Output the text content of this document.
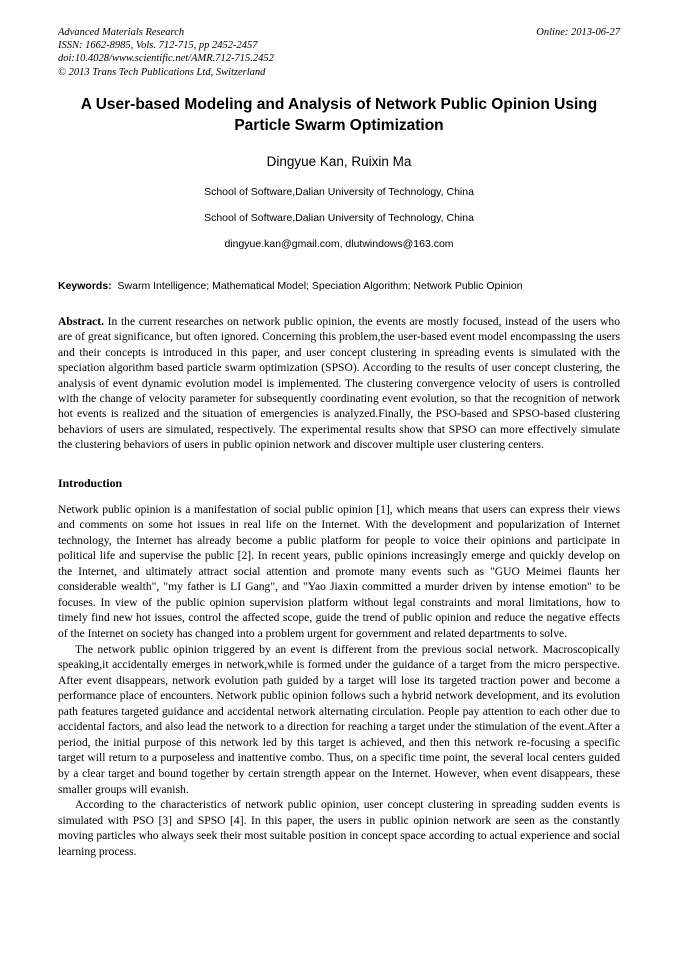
Advanced Materials Research
ISSN: 1662-8985, Vols. 712-715, pp 2452-2457
doi:10.4028/www.scientific.net/AMR.712-715.2452
© 2013 Trans Tech Publications Ltd, Switzerland
Online: 2013-06-27
A User-based Modeling and Analysis of Network Public Opinion Using
Particle Swarm Optimization
Dingyue Kan, Ruixin Ma
School of Software,Dalian University of Technology, China
School of Software,Dalian University of Technology, China
dingyue.kan@gmail.com, dlutwindows@163.com
Keywords: Swarm Intelligence; Mathematical Model; Speciation Algorithm; Network Public Opinion
Abstract. In the current researches on network public opinion, the events are mostly focused, instead of the users who are of great significance, but often ignored. Concerning this problem,the user-based event model encompassing the users and their concepts is introduced in this paper, and user concept clustering in spreading events is simulated with the speciation algorithm based particle swarm optimization (SPSO). According to the results of user concept clustering, the analysis of event dynamic evolution model is implemented. The clustering convergence velocity of users is controlled with the change of velocity parameter for subsequently coordinating event evolution, so that the recognition of network hot events is realized and the situation of emergencies is analyzed.Finally, the PSO-based and SPSO-based clustering behaviors of users are simulated, respectively. The experimental results show that SPSO can more effectively simulate the clustering behaviors of users in public opinion network and discover multiple user clustering centers.
Introduction

Network public opinion is a manifestation of social public opinion [1], which means that users can express their views and comments on some hot issues in real life on the Internet. With the development and popularization of Internet technology, the Internet has already become a public platform for people to voice their opinions and participate in political life and supervise the public [2]. In recent years, public opinions increasingly emerge and quickly develop on the Internet, and ultimately attract social attention and promote many events such as "GUO Meimei flaunts her considerable wealth", "my father is LI Gang", and "Yao Jiaxin committed a murder driven by intense emotion" to be focuses. In view of the public opinion supervision platform without legal constraints and moral limitations, how to timely find new hot issues, control the affected scope, guide the trend of public opinion and reduce the negative effects of the Internet on society has changed into a problem urgent for government and related departments to solve.

The network public opinion triggered by an event is different from the previous social network. Macroscopically speaking,it accidentally emerges in network,while is formed under the guidance of a target from the micro perspective. After event disappears, network evolution path guided by a target will lose its targeted traction power and become a performance place of encounters. Network public opinion follows such a hybrid network development, and its evolution path features targeted guidance and accidental network alternating circulation. People pay attention to each other due to accidental factors, and also lead the network to a direction for reaching a target under the stimulation of the event.After a period, the initial purpose of this network led by this target is achieved, and then this network re-focusing a specific target will return to a purposeless and inattentive combo. Thus, on a specific time point, the several local centers guided by a clear target and bound together by certain strength appear on the Internet. However, when event disappears, these smaller groups will evanish.

According to the characteristics of network public opinion, user concept clustering in spreading sudden events is simulated with PSO [3] and SPSO [4]. In this paper, the users in public opinion network are seen as the constantly moving particles who always seek their most suitable position in concept space according to actual experience and social learning process.
